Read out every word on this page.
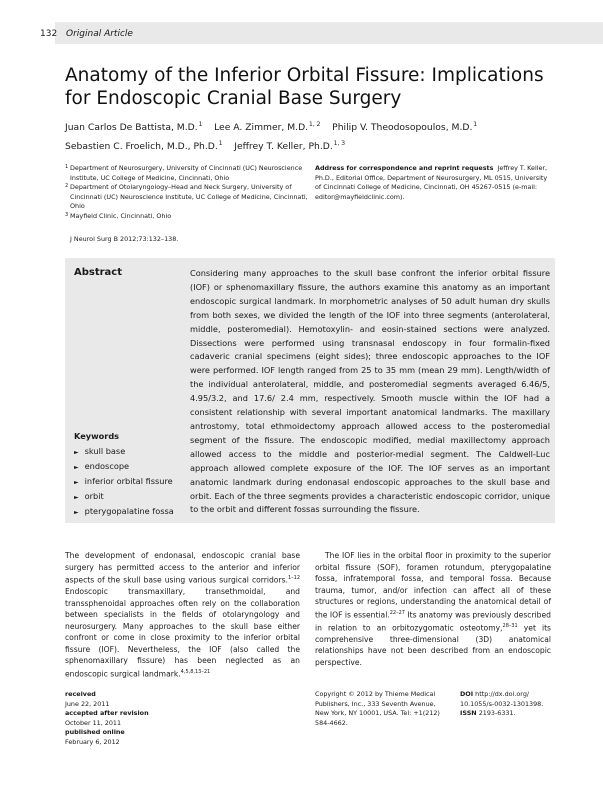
132 Original Article
Anatomy of the Inferior Orbital Fissure: Implications for Endoscopic Cranial Base Surgery
Juan Carlos De Battista, M.D. $^1$ Lee A. Zimmer, M.D. $^{1, 2}$ Philip V. Theodosopoulos, M.D. $^1$
Sebastien C. Froelich, M.D., Ph.D. $^1$ Jeffrey T. Keller, Ph.D. $^{1, 3}$
1 Department of Neurosurgery, University of Cincinnati (UC) Neuroscience Institute, UC College of Medicine, Cincinnati, Ohio
2 Department of Otolaryngology–Head and Neck Surgery, University of Cincinnati (UC) Neuroscience Institute, UC College of Medicine, Cincinnati, Ohio
3 Mayfield Clinic, Cincinnati, Ohio
Address for correspondence and reprint requests Jeffrey T. Keller, Ph.D., Editorial Office, Department of Neurosurgery, ML 0515, University of Cincinnati College of Medicine, Cincinnati, OH 45267-0515 (e-mail: editor@mayfieldclinic.com).
J Neurol Surg B 2012;73:132–138.
Abstract	Considering many approaches to the skull base confront the inferior orbital fissure (IOF) or sphenomaxillary fissure, the authors examine this anatomy as an important endoscopic surgical landmark. In morphometric analyses of 50 adult human dry skulls from both sexes, we divided the length of the IOF into three segments (anterolateral, middle, posteromedial). Hemotoxylin- and eosin-stained sections were analyzed. Dissections were performed using transnasal endoscopy in four formalin-fixed cadaveric cranial specimens (eight sides); three endoscopic approaches to the IOF were performed. IOF length ranged from 25 to 35 mm (mean 29 mm). Length/width of the individual anterolateral, middle, and posteromedial segments averaged 6.46/5, 4.95/3.2, and 17.6/ 2.4 mm, respectively. Smooth muscle within the IOF had a consistent relationship with several important anatomical landmarks. The maxillary antrostomy, total ethmoidectomy approach allowed access to the posteromedial segment of the fissure. The endoscopic modified, medial maxillectomy approach allowed access to the middle and posterior-medial segment. The Caldwell-Luc approach allowed complete exposure of the IOF. The IOF serves as an important anatomic landmark during endonasal endoscopic approaches to the skull base and orbit. Each of the three segments provides a characteristic endoscopic corridor, unique to the orbit and different fossas surrounding the fissure.
Keywords
► skull base
► endoscope
► inferior orbital fissure
► orbit
► pterygopalatine fossa
The development of endonasal, endoscopic cranial base surgery has permitted access to the anterior and inferior aspects of the skull base using various surgical corridors.$^{1-12}$ Endoscopic transmaxillary, transethmoidal, and transsphenoidal approaches often rely on the collaboration between specialists in the fields of otolaryngology and neurosurgery. Many approaches to the skull base either confront or come in close proximity to the inferior orbital fissure (IOF). Nevertheless, the IOF (also called the sphenomaxillary fissure) has been neglected as an endoscopic surgical landmark.$^{4,5,8,13-21}$
The IOF lies in the orbital floor in proximity to the superior orbital fissure (SOF), foramen rotundum, pterygopalatine fossa, infratemporal fossa, and temporal fossa. Because trauma, tumor, and/or infection can affect all of these structures or regions, understanding the anatomical detail of the IOF is essential.$^{22-27}$ Its anatomy was previously described in relation to an orbitozygomatic osteotomy,$^{28-31}$ yet its comprehensive three-dimensional (3D) anatomical relationships have not been described from an endoscopic perspective.
received
June 22, 2011
accepted after revision
October 11, 2011
published online
February 6, 2012
Copyright © 2012 by Thieme Medical Publishers, Inc., 333 Seventh Avenue, New York, NY 10001, USA. Tel: +1(212) 584-4662.
DOI http://dx.doi.org/ 10.1055/s-0032-1301398.
ISSN 2193-6331.
